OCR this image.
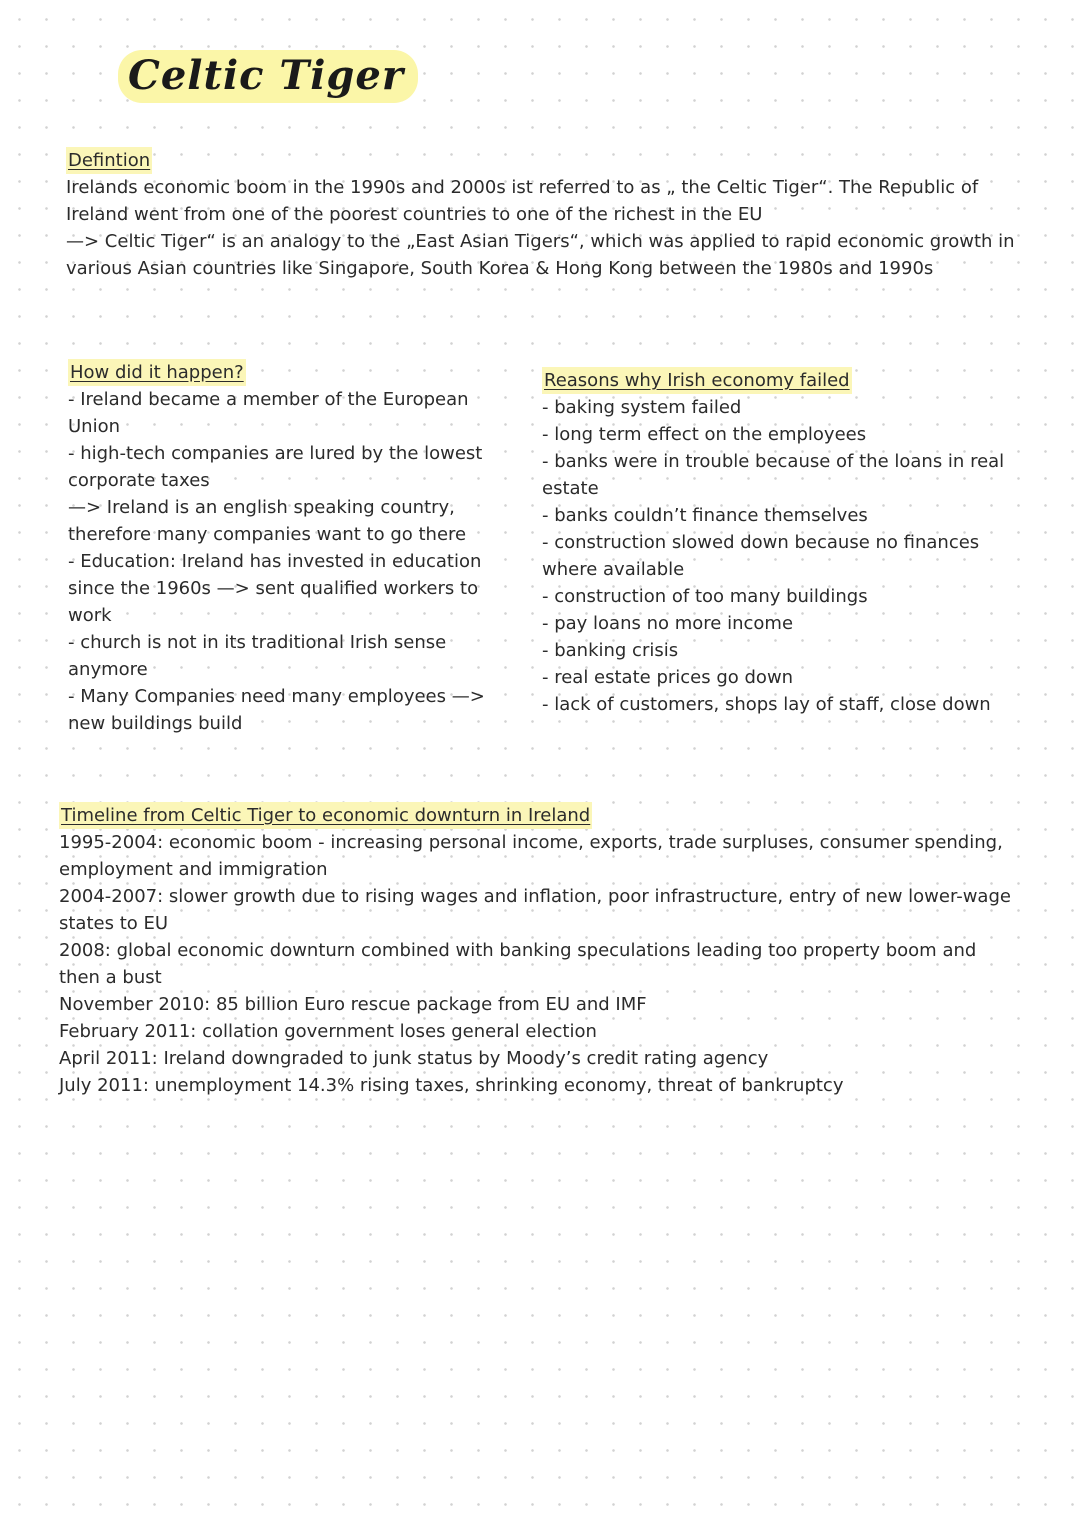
Celtic Tiger
Defintion
Irelands economic boom in the 1990s and 2000s ist referred to as „ the Celtic Tiger“. The Republic of
Ireland went from one of the poorest countries to one of the richest in the EU
—> Celtic Tiger“ is an analogy to the „East Asian Tigers“, which was applied to rapid economic growth in
various Asian countries like Singapore, South Korea & Hong Kong between the 1980s and 1990s
How did it happen?
- Ireland became a member of the European
Union
- high-tech companies are lured by the lowest
corporate taxes
—> Ireland is an english speaking country,
therefore many companies want to go there
- Education: Ireland has invested in education
since the 1960s —> sent qualified workers to
work
- church is not in its traditional Irish sense
anymore
- Many Companies need many employees —>
new buildings build
Reasons why Irish economy failed
- baking system failed
- long term effect on the employees
- banks were in trouble because of the loans in real
estate
- banks couldn’t finance themselves
- construction slowed down because no finances
where available
- construction of too many buildings
- pay loans no more income
- banking crisis
- real estate prices go down
- lack of customers, shops lay of staff, close down
Timeline from Celtic Tiger to economic downturn in Ireland
1995-2004: economic boom - increasing personal income, exports, trade surpluses, consumer spending,
employment and immigration
2004-2007: slower growth due to rising wages and inflation, poor infrastructure, entry of new lower-wage
states to EU
2008: global economic downturn combined with banking speculations leading too property boom and
then a bust
November 2010: 85 billion Euro rescue package from EU and IMF
February 2011: collation government loses general election
April 2011: Ireland downgraded to junk status by Moody’s credit rating agency
July 2011: unemployment 14.3% rising taxes, shrinking economy, threat of bankruptcy
